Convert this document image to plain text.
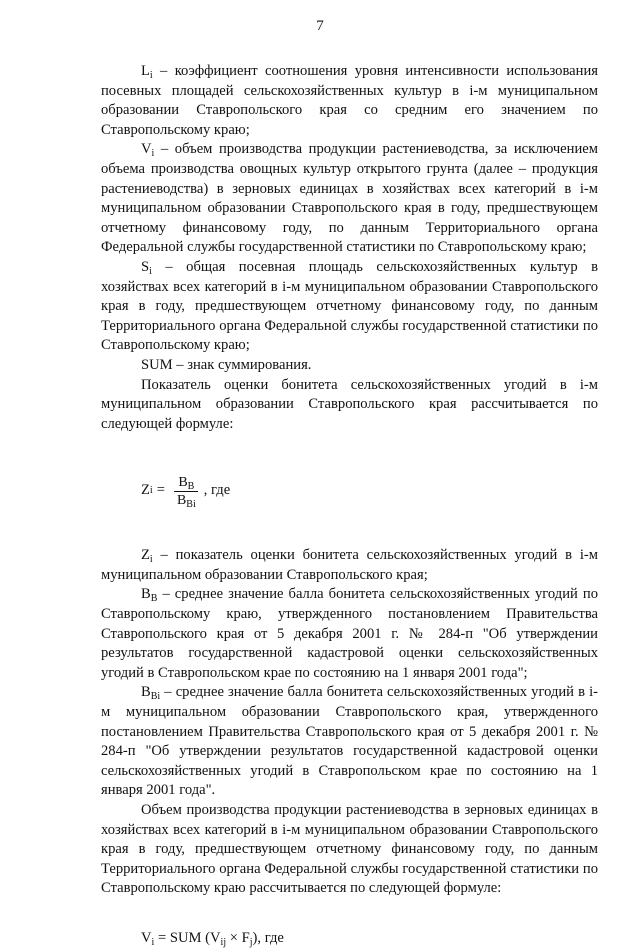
7

$L_i$ – коэффициент соотношения уровня интенсивности использования посевных площадей сельскохозяйственных культур в i-м муниципальном образовании Ставропольского края со средним его значением по Ставропольскому краю;

$V_i$ – объем производства продукции растениеводства, за исключением объема производства овощных культур открытого грунта (далее – продукция растениеводства) в зерновых единицах в хозяйствах всех категорий в i-м муниципальном образовании Ставропольского края в году, предшествующем отчетному финансовому году, по данным Территориального органа Федеральной службы государственной статистики по Ставропольскому краю;

$S_i$ – общая посевная площадь сельскохозяйственных культур в хозяйствах всех категорий в i-м муниципальном образовании Ставропольского края в году, предшествующем отчетному финансовому году, по данным Территориального органа Федеральной службы государственной статистики по Ставропольскому краю;

SUM – знак суммирования.

Показатель оценки бонитета сельскохозяйственных угодий в i-м муниципальном образовании Ставропольского края рассчитывается по следующей формуле:

Z $i = \frac{B_B}{B_{Bi}}$ , где

$Z_i$ – показатель оценки бонитета сельскохозяйственных угодий в i-м муниципальном образовании Ставропольского края;

$B_B$ – среднее значение балла бонитета сельскохозяйственных угодий по Ставропольскому краю, утвержденного постановлением Правительства Ставропольского края от 5 декабря 2001 г. № 284-п "Об утверждении результатов государственной кадастровой оценки сельскохозяйственных угодий в Ставропольском крае по состоянию на 1 января 2001 года";

$B_{Bi}$ – среднее значение балла бонитета сельскохозяйственных угодий в i-м муниципальном образовании Ставропольского края, утвержденного постановлением Правительства Ставропольского края от 5 декабря 2001 г. № 284-п "Об утверждении результатов государственной кадастровой оценки сельскохозяйственных угодий в Ставропольском крае по состоянию на 1 января 2001 года".

Объем производства продукции растениеводства в зерновых единицах в хозяйствах всех категорий в i-м муниципальном образовании Ставропольского края в году, предшествующем отчетному финансовому году, по данным Территориального органа Федеральной службы государственной статистики по Ставропольскому краю рассчитывается по следующей формуле:

$V_i$ = SUM $(V_{ij} \times F_j)$, где
